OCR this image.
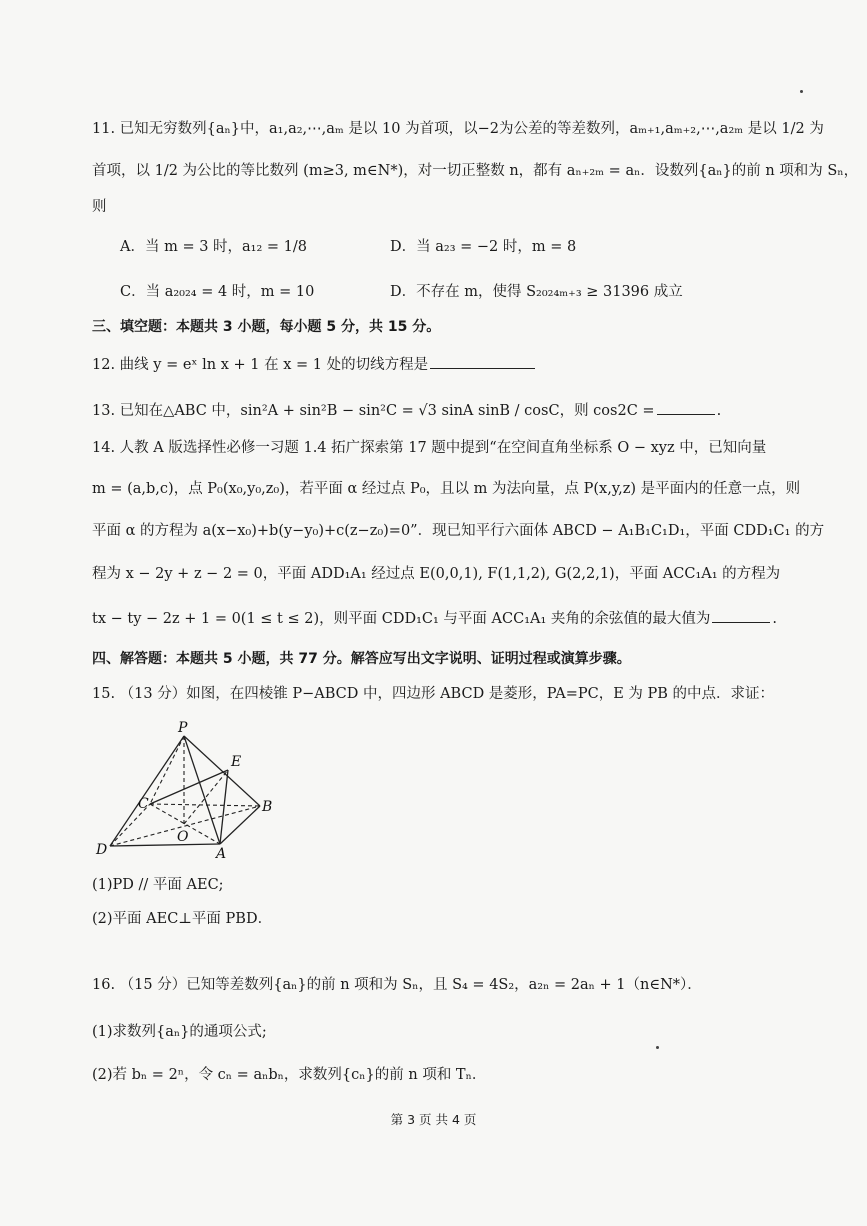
11. 已知无穷数列{aₙ}中，a₁,a₂,⋯,aₘ 是以 10 为首项，以−2为公差的等差数列，aₘ₊₁,aₘ₊₂,⋯,a₂ₘ 是以 1/2 为
首项，以 1/2 为公比的等比数列 (m≥3, m∈N*)，对一切正整数 n，都有 aₙ₊₂ₘ = aₙ．设数列{aₙ}的前 n 项和为 Sₙ，
则
A．当 m = 3 时，a₁₂ = 1/8	D．当 a₂₃ = −2 时，m = 8
C．当 a₂₀₂₄ = 4 时，m = 10	D．不存在 m，使得 S₂₀₂₄ₘ₊₃ ≥ 31396 成立
三、填空题：本题共 3 小题，每小题 5 分，共 15 分。
12. 曲线 y = eˣ ln x + 1 在 x = 1 处的切线方程是
13. 已知在△ABC 中，sin²A + sin²B − sin²C = √3 sinA sinB / cosC，则 cos2C =	.
14. 人教 A 版选择性必修一习题 1.4 拓广探索第 17 题中提到“在空间直角坐标系 O − xyz 中，已知向量
m = (a,b,c)，点 P₀(x₀,y₀,z₀)，若平面 α 经过点 P₀，且以 m 为法向量，点 P(x,y,z) 是平面内的任意一点，则
平面 α 的方程为 a(x−x₀)+b(y−y₀)+c(z−z₀)=0”．现已知平行六面体 ABCD − A₁B₁C₁D₁，平面 CDD₁C₁ 的方
程为 x − 2y + z − 2 = 0，平面 ADD₁A₁ 经过点 E(0,0,1), F(1,1,2), G(2,2,1)，平面 ACC₁A₁ 的方程为
tx − ty − 2z + 1 = 0(1 ≤ t ≤ 2)，则平面 CDD₁C₁ 与平面 ACC₁A₁ 夹角的余弦值的最大值为	.
四、解答题：本题共 5 小题，共 77 分。解答应写出文字说明、证明过程或演算步骤。
15. （13 分）如图，在四棱锥 P−ABCD 中，四边形 ABCD 是菱形，PA=PC，E 为 PB 的中点．求证：
P
E
C	B
D
O
A
(1)PD // 平面 AEC;
(2)平面 AEC⊥平面 PBD．
16. （15 分）已知等差数列{aₙ}的前 n 项和为 Sₙ，且 S₄ = 4S₂，a₂ₙ = 2aₙ + 1（n∈N*）．
(1)求数列{aₙ}的通项公式;
(2)若 bₙ = 2ⁿ，令 cₙ = aₙbₙ，求数列{cₙ}的前 n 项和 Tₙ．
第 3 页 共 4 页
